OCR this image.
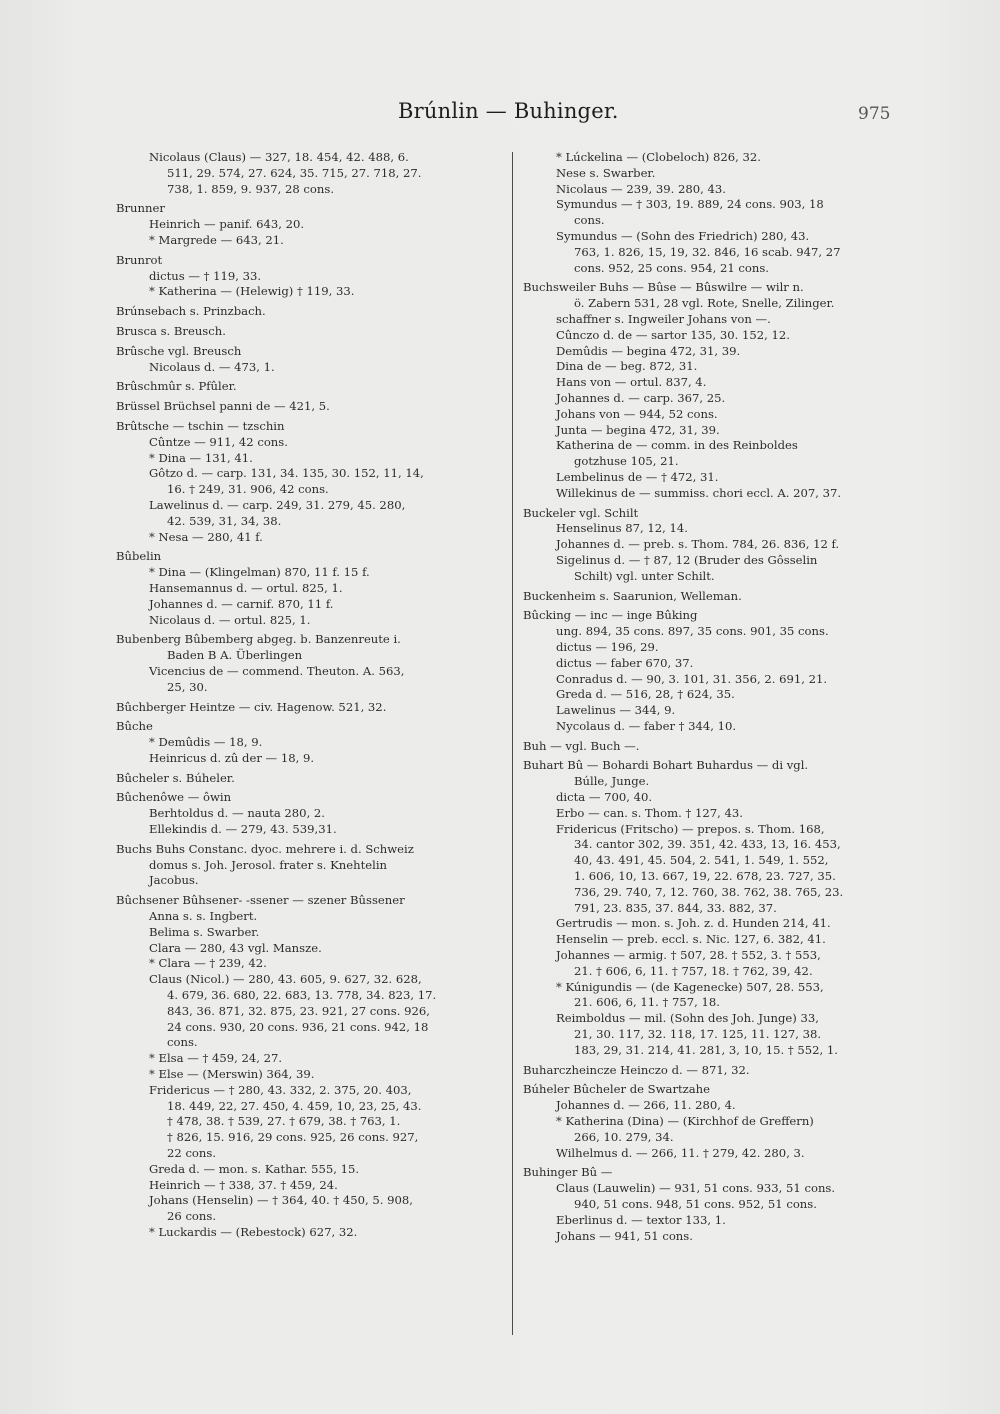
Brúnlin — Buhinger.	975
Nicolaus (Claus) — 327, 18. 454, 42. 488, 6.
511, 29. 574, 27. 624, 35. 715, 27. 718, 27.
738, 1. 859, 9. 937, 28 cons.
Brunner
Heinrich — panif. 643, 20.
* Margrede — 643, 21.
Brunrot
dictus — † 119, 33.
* Katherina — (Helewig) † 119, 33.
Brúnsebach s. Prinzbach.
Brusca s. Breusch.
Brûsche vgl. Breusch
Nicolaus d. — 473, 1.
Brûschmûr s. Pfûler.
Brüssel Brüchsel panni de — 421, 5.
Brûtsche — tschin — tzschin
Cûntze — 911, 42 cons.
* Dina — 131, 41.
Gôtzo d. — carp. 131, 34. 135, 30. 152, 11, 14,
16. † 249, 31. 906, 42 cons.
Lawelinus d. — carp. 249, 31. 279, 45. 280,
42. 539, 31, 34, 38.
* Nesa — 280, 41 f.
Bûbelin
* Dina — (Klingelman) 870, 11 f. 15 f.
Hansemannus d. — ortul. 825, 1.
Johannes d. — carnif. 870, 11 f.
Nicolaus d. — ortul. 825, 1.
Bubenberg Bûbemberg abgeg. b. Banzenreute i.
Baden B A. Überlingen
Vicencius de — commend. Theuton. A. 563,
25, 30.
Bûchberger Heintze — civ. Hagenow. 521, 32.
Bûche
* Demûdis — 18, 9.
Heinricus d. zû der — 18, 9.
Bûcheler s. Búheler.
Bûchenôwe — ôwin
Berhtoldus d. — nauta 280, 2.
Ellekindis d. — 279, 43. 539,31.
Buchs Buhs Constanc. dyoc. mehrere i. d. Schweiz
domus s. Joh. Jerosol. frater s. Knehtelin
Jacobus.
Bûchsener Bûhsener- -ssener — szener Bûssener
Anna s. s. Ingbert.
Belima s. Swarber.
Clara — 280, 43 vgl. Mansze.
* Clara — † 239, 42.
Claus (Nicol.) — 280, 43. 605, 9. 627, 32. 628,
4. 679, 36. 680, 22. 683, 13. 778, 34. 823, 17.
843, 36. 871, 32. 875, 23. 921, 27 cons. 926,
24 cons. 930, 20 cons. 936, 21 cons. 942, 18
cons.
* Elsa — † 459, 24, 27.
* Else — (Merswin) 364, 39.
Fridericus — † 280, 43. 332, 2. 375, 20. 403,
18. 449, 22, 27. 450, 4. 459, 10, 23, 25, 43.
† 478, 38. † 539, 27. † 679, 38. † 763, 1.
† 826, 15. 916, 29 cons. 925, 26 cons. 927,
22 cons.
Greda d. — mon. s. Kathar. 555, 15.
Heinrich — † 338, 37. † 459, 24.
Johans (Henselin) — † 364, 40. † 450, 5. 908,
26 cons.
* Luckardis — (Rebestock) 627, 32.
* Lúckelina — (Clobeloch) 826, 32.
Nese s. Swarber.
Nicolaus — 239, 39. 280, 43.
Symundus — † 303, 19. 889, 24 cons. 903, 18
cons.
Symundus — (Sohn des Friedrich) 280, 43.
763, 1. 826, 15, 19, 32. 846, 16 scab. 947, 27
cons. 952, 25 cons. 954, 21 cons.
Buchsweiler Buhs — Bûse — Bûswilre — wilr n.
ö. Zabern 531, 28 vgl. Rote, Snelle, Zilinger.
schaffner s. Ingweiler Johans von —.
Cûnczo d. de — sartor 135, 30. 152, 12.
Demûdis — begina 472, 31, 39.
Dina de — beg. 872, 31.
Hans von — ortul. 837, 4.
Johannes d. — carp. 367, 25.
Johans von — 944, 52 cons.
Junta — begina 472, 31, 39.
Katherina de — comm. in des Reinboldes
gotzhuse 105, 21.
Lembelinus de — † 472, 31.
Willekinus de — summiss. chori eccl. A. 207, 37.
Buckeler vgl. Schilt
Henselinus 87, 12, 14.
Johannes d. — preb. s. Thom. 784, 26. 836, 12 f.
Sigelinus d. — † 87, 12 (Bruder des Gôsselin
Schilt) vgl. unter Schilt.
Buckenheim s. Saarunion, Welleman.
Bûcking — inc — inge Bûking
ung. 894, 35 cons. 897, 35 cons. 901, 35 cons.
dictus — 196, 29.
dictus — faber 670, 37.
Conradus d. — 90, 3. 101, 31. 356, 2. 691, 21.
Greda d. — 516, 28, † 624, 35.
Lawelinus — 344, 9.
Nycolaus d. — faber † 344, 10.
Buh — vgl. Buch —.
Buhart Bû — Bohardi Bohart Buhardus — di vgl.
Búlle, Junge.
dicta — 700, 40.
Erbo — can. s. Thom. † 127, 43.
Fridericus (Fritscho) — prepos. s. Thom. 168,
34. cantor 302, 39. 351, 42. 433, 13, 16. 453,
40, 43. 491, 45. 504, 2. 541, 1. 549, 1. 552,
1. 606, 10, 13. 667, 19, 22. 678, 23. 727, 35.
736, 29. 740, 7, 12. 760, 38. 762, 38. 765, 23.
791, 23. 835, 37. 844, 33. 882, 37.
Gertrudis — mon. s. Joh. z. d. Hunden 214, 41.
Henselin — preb. eccl. s. Nic. 127, 6. 382, 41.
Johannes — armig. † 507, 28. † 552, 3. † 553,
21. † 606, 6, 11. † 757, 18. † 762, 39, 42.
* Kúnigundis — (de Kagenecke) 507, 28. 553,
21. 606, 6, 11. † 757, 18.
Reimboldus — mil. (Sohn des Joh. Junge) 33,
21, 30. 117, 32. 118, 17. 125, 11. 127, 38.
183, 29, 31. 214, 41. 281, 3, 10, 15. † 552, 1.
Buharczheincze Heinczo d. — 871, 32.
Búheler Bûcheler de Swartzahe
Johannes d. — 266, 11. 280, 4.
* Katherina (Dina) — (Kirchhof de Greffern)
266, 10. 279, 34.
Wilhelmus d. — 266, 11. † 279, 42. 280, 3.
Buhinger Bû —
Claus (Lauwelin) — 931, 51 cons. 933, 51 cons.
940, 51 cons. 948, 51 cons. 952, 51 cons.
Eberlinus d. — textor 133, 1.
Johans — 941, 51 cons.
